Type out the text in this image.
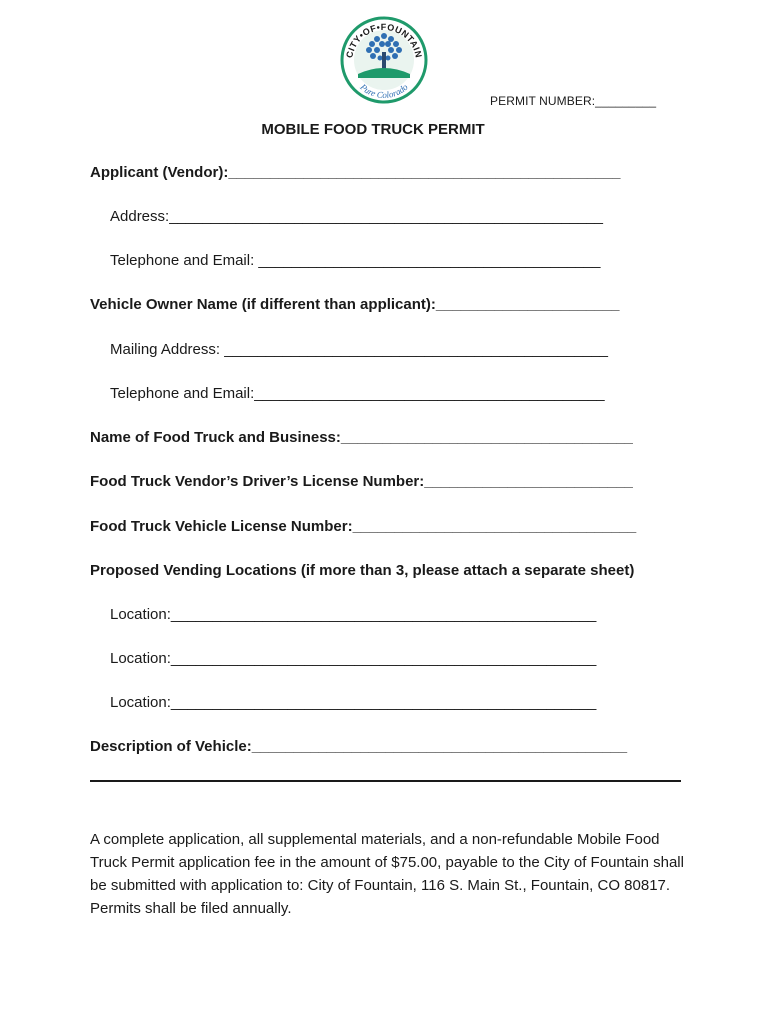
CITY•OF•FOUNTAIN
Pure Colorado
PERMIT NUMBER:_________
MOBILE FOOD TRUCK PERMIT
Applicant (Vendor):_______________________________________________
Address:____________________________________________________
Telephone and Email: _________________________________________
Vehicle Owner Name (if different than applicant):______________________
Mailing Address: ______________________________________________
Telephone and Email:__________________________________________
Name of Food Truck and Business:___________________________________
Food Truck Vendor’s Driver’s License Number:_________________________
Food Truck Vehicle License Number:__________________________________
Proposed Vending Locations (if more than 3, please attach a separate sheet)
Location:___________________________________________________
Location:___________________________________________________
Location:___________________________________________________
Description of Vehicle:_____________________________________________
A complete application, all supplemental materials, and a non-refundable Mobile Food Truck Permit application fee in the amount of $75.00, payable to the City of Fountain shall be submitted with application to: City of Fountain, 116 S. Main St., Fountain, CO 80817. Permits shall be filed annually.
